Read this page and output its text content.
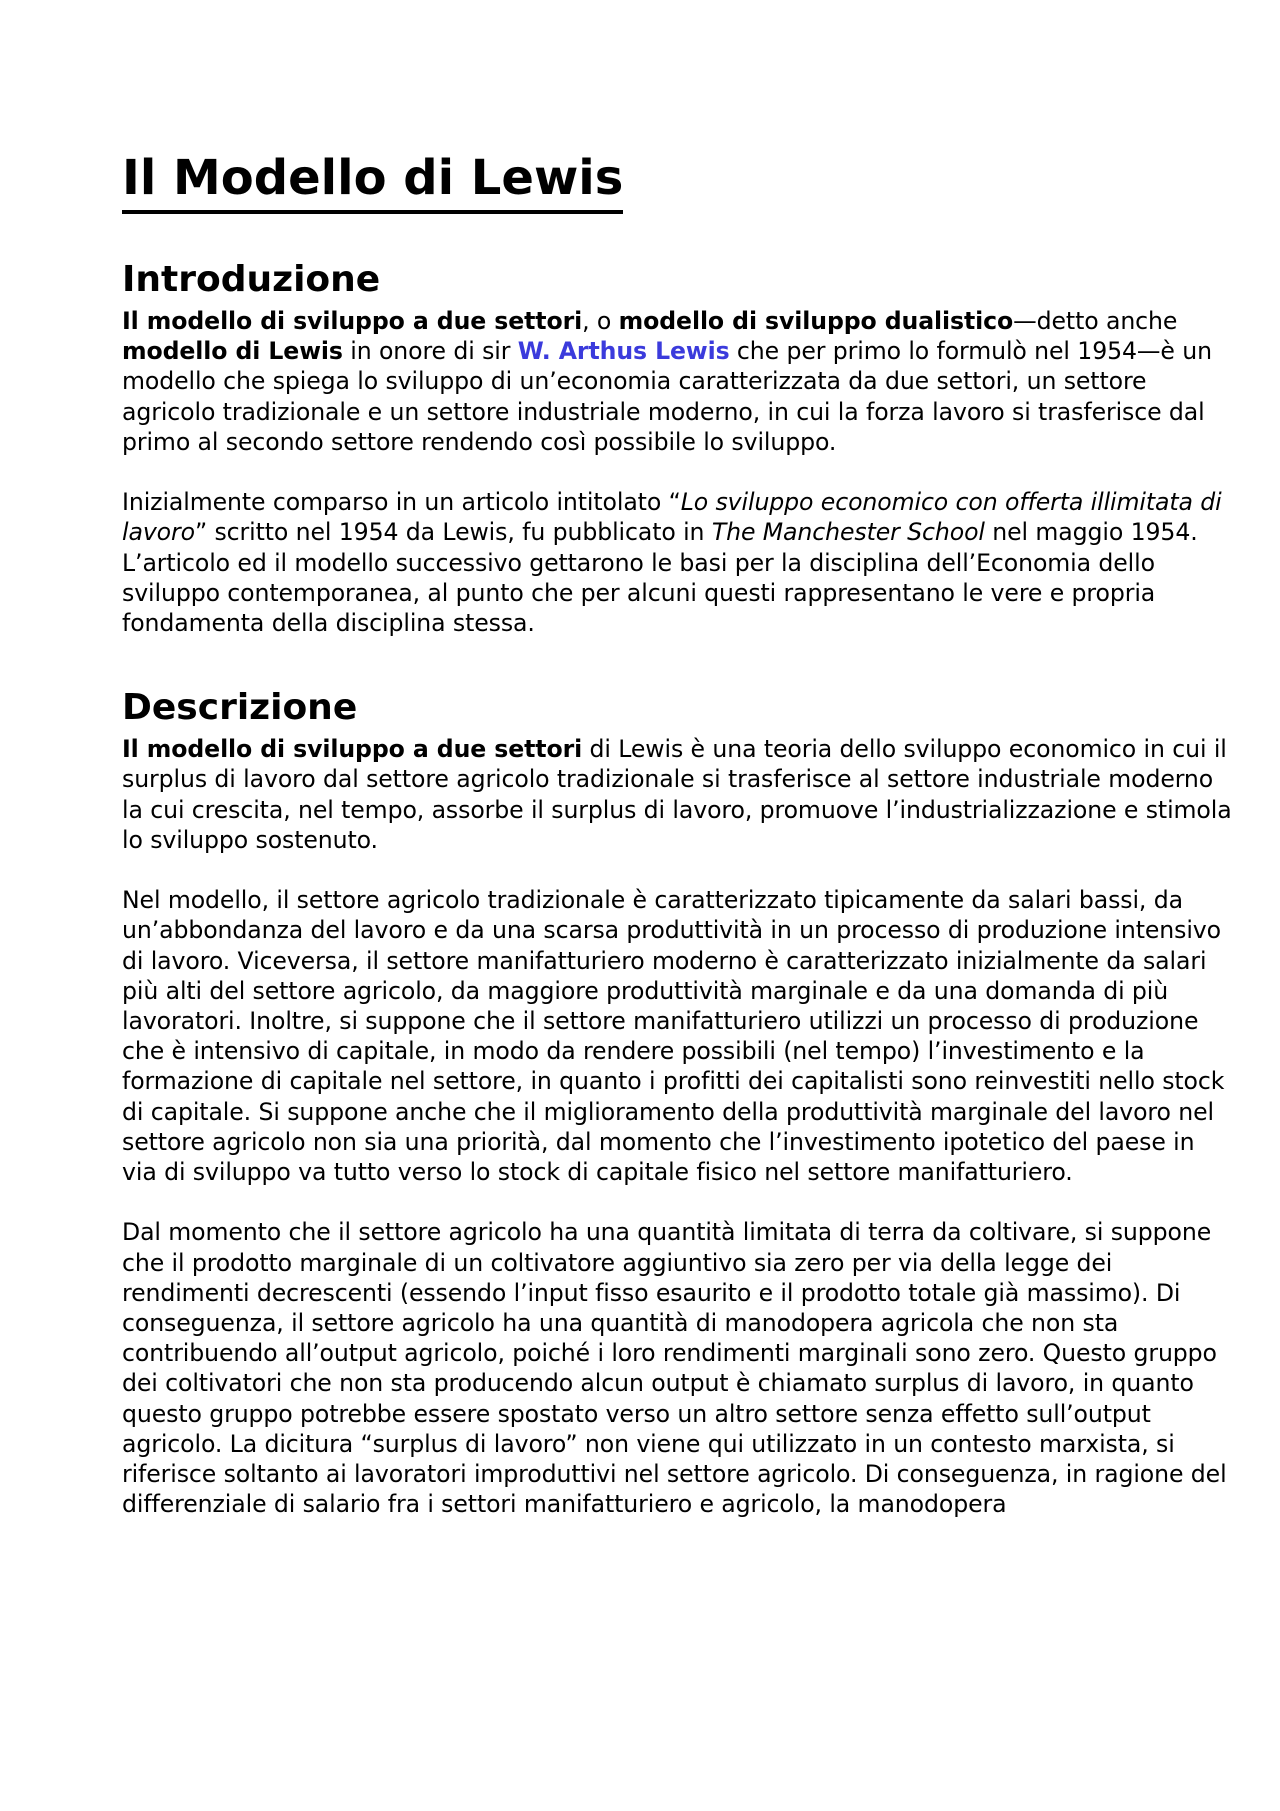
Il Modello di Lewis
Introduzione

Il modello di sviluppo a due settori, o modello di sviluppo dualistico—detto anche modello di Lewis in onore di sir W. Arthus Lewis che per primo lo formulò nel 1954—è un modello che spiega lo sviluppo di un’economia caratterizzata da due settori, un settore agricolo tradizionale e un settore industriale moderno, in cui la forza lavoro si trasferisce dal primo al secondo settore rendendo così possibile lo sviluppo.

Inizialmente comparso in un articolo intitolato “Lo sviluppo economico con offerta illimitata di lavoro” scritto nel 1954 da Lewis, fu pubblicato in The Manchester School nel maggio 1954. L’articolo ed il modello successivo gettarono le basi per la disciplina dell’Economia dello sviluppo contemporanea, al punto che per alcuni questi rappresentano le vere e propria fondamenta della disciplina stessa.

Descrizione

Il modello di sviluppo a due settori di Lewis è una teoria dello sviluppo economico in cui il surplus di lavoro dal settore agricolo tradizionale si trasferisce al settore industriale moderno la cui crescita, nel tempo, assorbe il surplus di lavoro, promuove l’industrializzazione e stimola lo sviluppo sostenuto.

Nel modello, il settore agricolo tradizionale è caratterizzato tipicamente da salari bassi, da un’abbondanza del lavoro e da una scarsa produttività in un processo di produzione intensivo di lavoro. Viceversa, il settore manifatturiero moderno è caratterizzato inizialmente da salari più alti del settore agricolo, da maggiore produttività marginale e da una domanda di più lavoratori. Inoltre, si suppone che il settore manifatturiero utilizzi un processo di produzione che è intensivo di capitale, in modo da rendere possibili (nel tempo) l’investimento e la formazione di capitale nel settore, in quanto i profitti dei capitalisti sono reinvestiti nello stock di capitale. Si suppone anche che il miglioramento della produttività marginale del lavoro nel settore agricolo non sia una priorità, dal momento che l’investimento ipotetico del paese in via di sviluppo va tutto verso lo stock di capitale fisico nel settore manifatturiero.

Dal momento che il settore agricolo ha una quantità limitata di terra da coltivare, si suppone che il prodotto marginale di un coltivatore aggiuntivo sia zero per via della legge dei rendimenti decrescenti (essendo l’input fisso esaurito e il prodotto totale già massimo). Di conseguenza, il settore agricolo ha una quantità di manodopera agricola che non sta contribuendo all’output agricolo, poiché i loro rendimenti marginali sono zero. Questo gruppo dei coltivatori che non sta producendo alcun output è chiamato surplus di lavoro, in quanto questo gruppo potrebbe essere spostato verso un altro settore senza effetto sull’output agricolo. La dicitura “surplus di lavoro” non viene qui utilizzato in un contesto marxista, si riferisce soltanto ai lavoratori improduttivi nel settore agricolo. Di conseguenza, in ragione del differenziale di salario fra i settori manifatturiero e agricolo, la manodopera
